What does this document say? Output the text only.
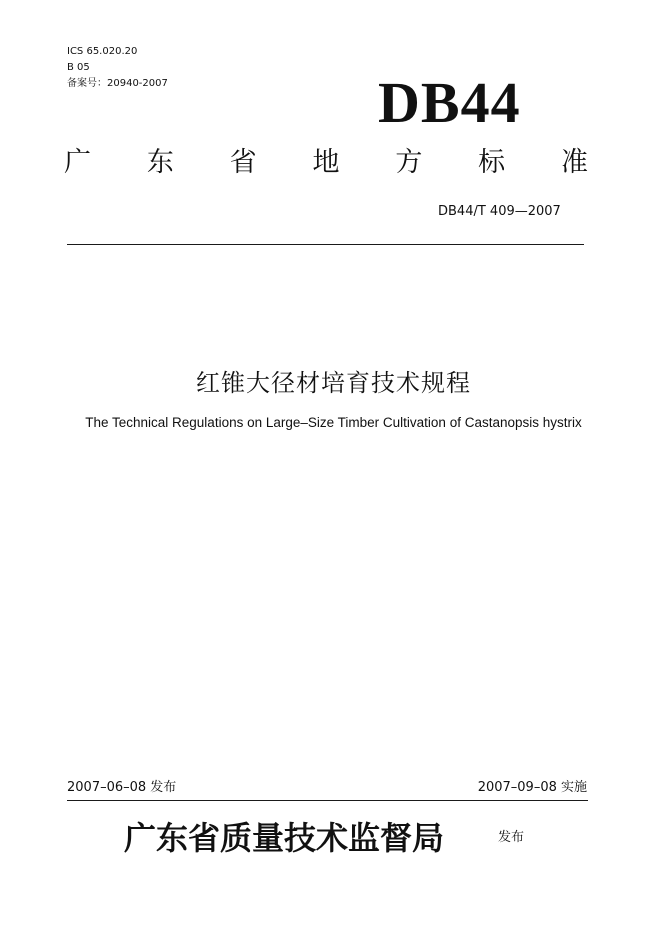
ICS 65.020.20
B 05
备案号：20940-2007	DB44
广 东 省 地 方 标 准
DB44/T 409—2007
红锥大径材培育技术规程
The Technical Regulations on Large–Size Timber Cultivation of Castanopsis hystrix
2007–06–08 发布	2007–09–08 实施
广东省质量技术监督局	发布
